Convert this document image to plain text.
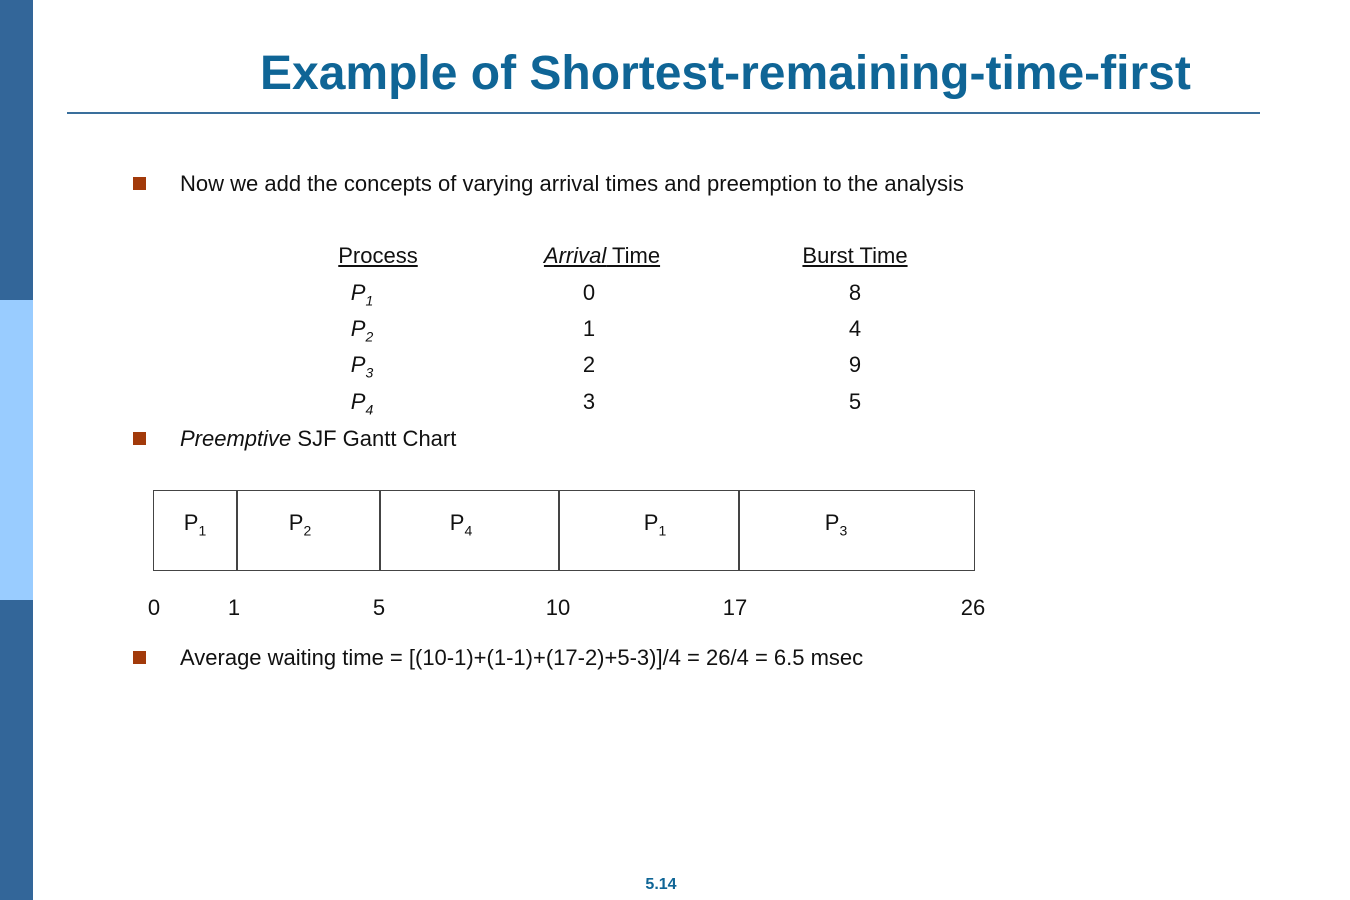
Example of Shortest-remaining-time-first
Now we add the concepts of varying arrival times and preemption to the analysis
Process	Arrival Time	Burst Time
$P_1$	0	8
$P_2$	1	4
$P_3$	2	9
$P_4$	3	5
Preemptive SJF Gantt Chart
$P_1$	$P_2$	$P_4$	$P_1$	$P_3$
0	1	5	10	17	26
Average waiting time = [(10-1)+(1-1)+(17-2)+5-3)]/4 = 26/4 = 6.5 msec
5.14
